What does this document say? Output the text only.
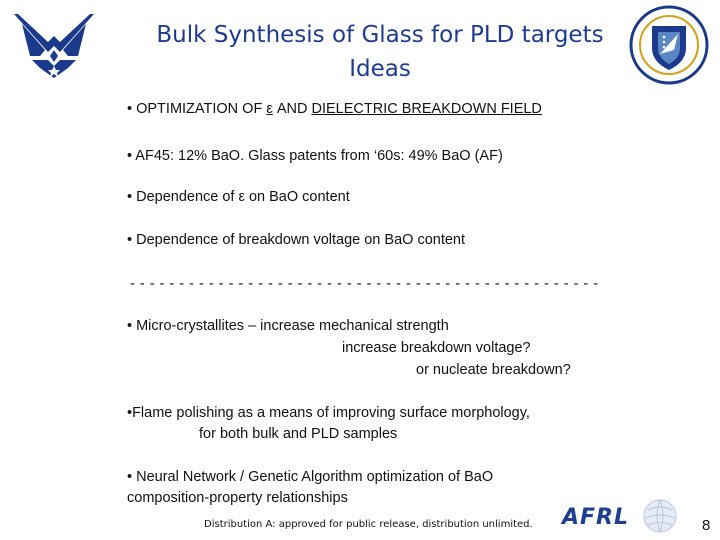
Bulk Synthesis of Glass for PLD targets
Ideas
• OPTIMIZATION OF ε AND DIELECTRIC BREAKDOWN FIELD
• AF45: 12% BaO. Glass patents from ‘60s: 49% BaO (AF)
• Dependence of ε on BaO content
• Dependence of breakdown voltage on BaO content
- - - - - - - - - - - - - - - - - - - - - - - - - - - - - - - - - - - - - - - - - - - - - - - -
• Micro-crystallites – increase mechanical strength
increase breakdown voltage?
or nucleate breakdown?
•Flame polishing as a means of improving surface morphology,
for both bulk and PLD samples
• Neural Network / Genetic Algorithm optimization of BaO
composition-property relationships
Distribution A: approved for public release, distribution unlimited. AFRL	8
